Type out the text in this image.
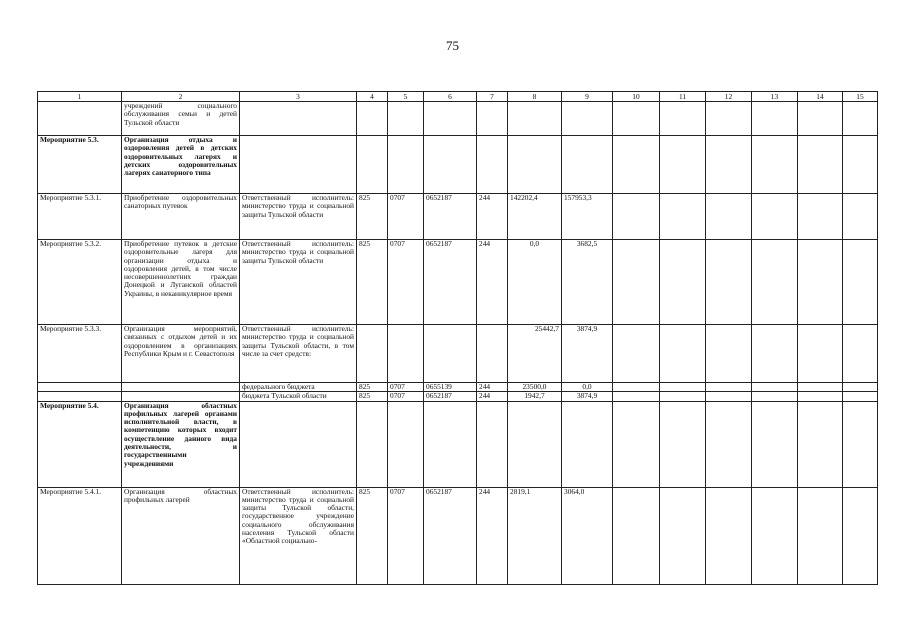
75
1	2	3	4	5	6	7	8	9	10	11	12	13	14	15
	учреждений социального обслуживания семьи и детей Тульской области													
Мероприятие 5.3.	Организация отдыха и оздоровления детей в детских оздоровительных лагерях и детских оздоровительных лагерях санаторного типа													
Мероприятие 5.3.1.	Приобретение оздоровительных санаторных путевок	Ответственный исполнитель: министерство труда и социальной защиты Тульской области	825	0707	0652187	244	142202,4	157953,3						
Мероприятие 5.3.2.	Приобретение путевок в детские оздоровительные лагеря для организации отдыха и оздоровления детей, в том числе несовершеннолетних граждан Донецкой и Луганской областей Украины, в неканикулярное время	Ответственный исполнитель: министерство труда и социальной защиты Тульской области	825	0707	0652187	244	0,0	3682,5						
Мероприятие 5.3.3.	Организация мероприятий, связанных с отдыхом детей и их оздоровлением в организациях Республики Крым и г. Севастополя	Ответственный исполнитель: министерство труда и социальной защиты Тульской области, в том числе за счет средств:					25442,7	3874,9						
		федерального бюджета	825	0707	0655139	244	23500,0	0,0						
		бюджета Тульской области	825	0707	0652187	244	1942,7	3874,9						
Мероприятие 5.4.	Организация областных профильных лагерей органами исполнительной власти, в компетенцию которых входит осуществление данного вида деятельности, и государственными учреждениями													
Мероприятие 5.4.1.	Организация областных профильных лагерей	Ответственный исполнитель: министерство труда и социальной защиты Тульской области, государственное учреждение социального обслуживания населения Тульской области «Областной социально-	825	0707	0652187	244	2819,1	3064,0						
